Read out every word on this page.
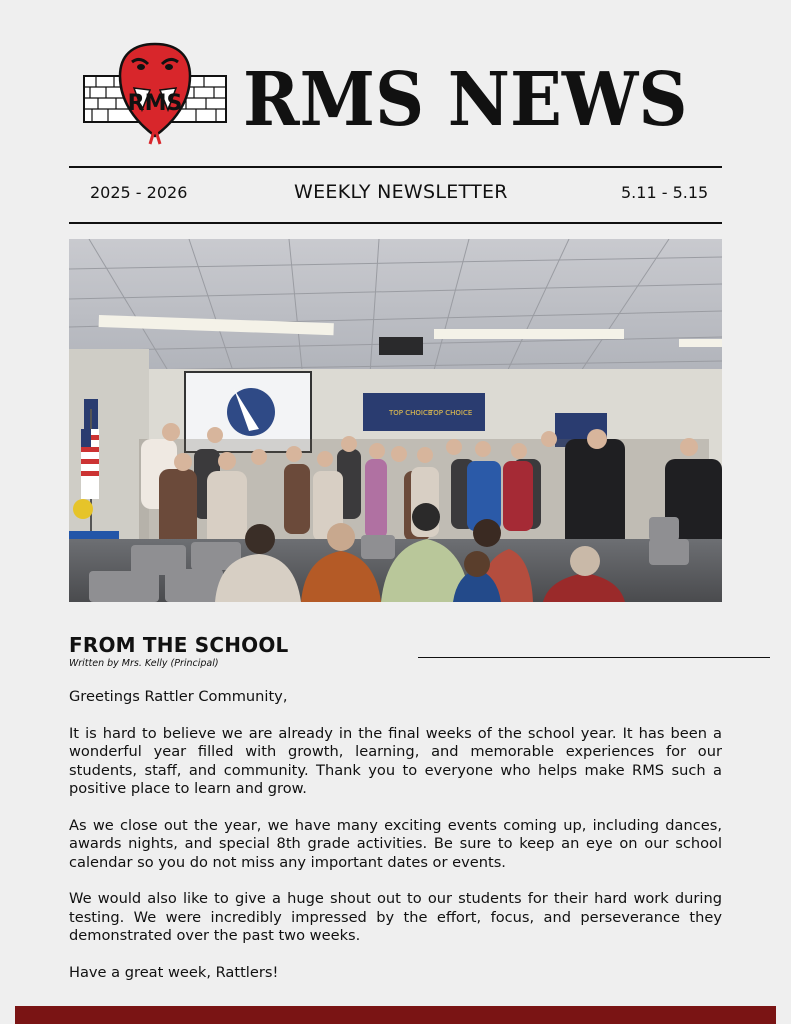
RMS RMS NEWS
2025 - 2026	WEEKLY NEWSLETTER	5.11 - 5.15
TOP CHOICE
TOP CHOICE
FROM THE SCHOOL
Written by Mrs. Kelly (Principal)

Greetings Rattler Community,

It is hard to believe we are already in the final weeks of the school year. It has been a wonderful year filled with growth, learning, and memorable experiences for our students, staff, and community. Thank you to everyone who helps make RMS such a positive place to learn and grow.

As we close out the year, we have many exciting events coming up, including dances, awards nights, and special 8th grade activities. Be sure to keep an eye on our school calendar so you do not miss any important dates or events.

We would also like to give a huge shout out to our students for their hard work during testing. We were incredibly impressed by the effort, focus, and perseverance they demonstrated over the past two weeks.

Have a great week, Rattlers!
